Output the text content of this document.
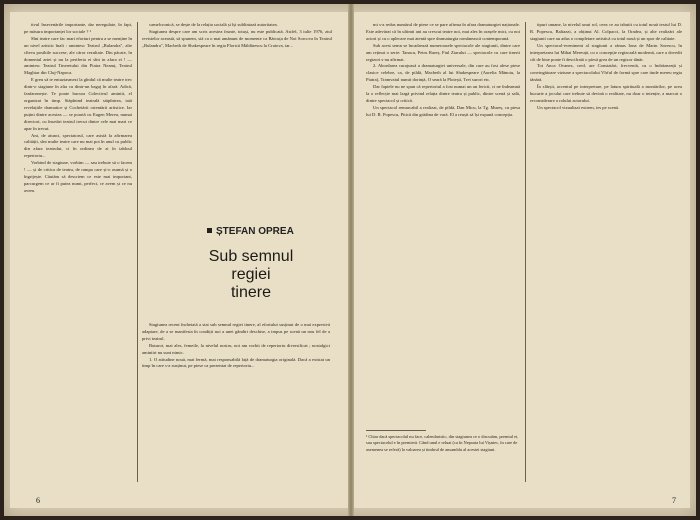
tivul însecenările importante, dar neregulate, în fapt, pe măsura importanței lor sociale ? ¹

Sînt teatre care fac mari eforturi pentru a se menține în un nivel artistic înalt : amintesc Teatrul „Bulandra", alte cîteva posibile succese, ale căror rezultate. Din păcate, în domeniul artei și nu la periferia ei sînt in afara ei ! — amintesc Teatrul Tineretului din Piatra Neamț, Teatrul Maghiar din Cluj-Napoca.

E greu să te entuziasmezi la gîndul că multe teatre trec dintr-o stagiune în alta cu dintr-un bagaj în afară. Adică, fanfaronește. Te poate bucura Colectivul amintit, el organizat în timp. Stăpînind teatrală stăpînirea, iată revelațiile dramatice și Cochetării orientării artistice. Iar puțini dintre acestea — se poartă cu Eugen Mereu, numai directori, cu însetări teatrul trecut dintre cele mai mari ce apar în trecut.

Ani, de atunci, spectatorul, care asistă la afirmarea calității, sînt multe teatre care nu mai pot în anul cu public din afara teatrului, ci în ordinea de zi în tabloul repertoriu...

Vorbind de stagiune, vorbim — sau trebuie să o facem ! — și de critica de teatru, de rampa care și-o asumă și o îngrijește. Căutăm să descriem ce este mai important, parcurgem ce ar fi putea numi, perfect, ce avem și ce nu avem.

camelcronică, se dește de la relația socială și își subliniază autoritatea.

Stagiunea despre care am scris acestea frunte, totuși, nu este publicată. Astfel, 3 iulie 1976, ziul revistelor această, să spunem, stă ca o mai amănunt de momente ca Bărcuța de Noi Sorcova în Teatrul „Bulandra", Macbeth de Shakespeare în regia Florică Măldărescu la Craiova, iar...

Stagiunea recent încheiată a stat sub semnul regiei tinere, al efortului susținut de o mai expresivă adaptare, de a se manifesta în condiții noi a unei gândiri deschise, a impus pe scenă un nou fel de a privi teatrul.

Buturoi, mai ales, femeile, la nivelul nostru, noi am vorbit de repertoriu diversificat ; nostalgici amintiri nu sunt nimic.

1. O atitudine nouă, mai fermă, mai responsabilă față de dramaturgia originală. Dacă a existat un timp în care s-a susținut, pe piese ca prezentat de repertoriu...

6
ȘTEFAN OPREA
Sub semnul
regiei
tinere

mi s-a redus numărul de piese ce se pare afirma în afara dramaturgiei naționale. Este adevărat că în ultimii ani au crescut teatre noi, mai ales în orașele mici, cu noi actori și cu o aplecare mai atentă spre dramaturgia românească contemporană.

Sub acest semn se încadrează numeroasele spectacole ale stagiunii, dintre care am reținut o serie: Tanacu, Petru Rareș, Fiul Ziarului — spectacole cu care tinerii regizori s-au afirmat.

2. Abordarea curajoasă a dramaturgiei universale, din care au fost alese piese clasice celebre, ca, de pildă, Macbeth al lui Shakespeare (Aurelia Mănoiu, la Piatra), Tramvaiul numit dorință, O seară la Ploiești, Trei surori etc.

Dar faptele nu ne spun că repertoriul a fost numai un an fericit, ci ne îndeamnă la o reflecție mai largă privind relația dintre teatru și public, dintre scenă și sală, dintre spectacol și critică.

Un spectacol remarcabil a realizat, de pildă, Dan Micu, la Tg. Mureș, cu piesa lui D. R. Popescu, Pitică din grădina de vară. El a reușit să își expună concepția.

tipuri umane, la nivelul unui rol, ceea ce au izbutit cu totul nouă textul lui D. R. Popescu, Baltazzi, a obținut Al. Colpacci, la Oradea, și alte realizări ale stagiunii care au adus o completare artistică cu totul nouă și un spor de calitate.

Un spectacol-eveniment al stagiunii a rămas Iona de Marin Sorescu, în interpretarea lui Mihai Mereuță, cu o concepție regizorală modernă, care a dovedit cât de bine poate fi descifrată o piesă grea de un regizor tânăr.

Tot Anca Ovanez, cred, are Constatări, frecventă, cu o îndrăzneață și convingătoare viziune a spectacolului Vîrful de formă spre care tinde mereu regia tânără.

În sfârșit, accentul pe interpretare, pe latura spirituală a montărilor, pe acea bucurie a jocului care trebuie să devină o realitate, nu doar o intenție, a marcat o reconsiderare a rolului actorului.

Un spectacol vizualizat extrem, ies pe scenă.

¹ Chiar dacă spectacolul nu face, calendaristic, din stagiunea ce o discutăm, premiul ei, sau spectacolul e în premieră. Când unul e reluat (ca în Nepoata lui Vișniec, în care de asemenea se referă) la valoarea și timbrul de ansamblu al acestei stagiuni.
7
